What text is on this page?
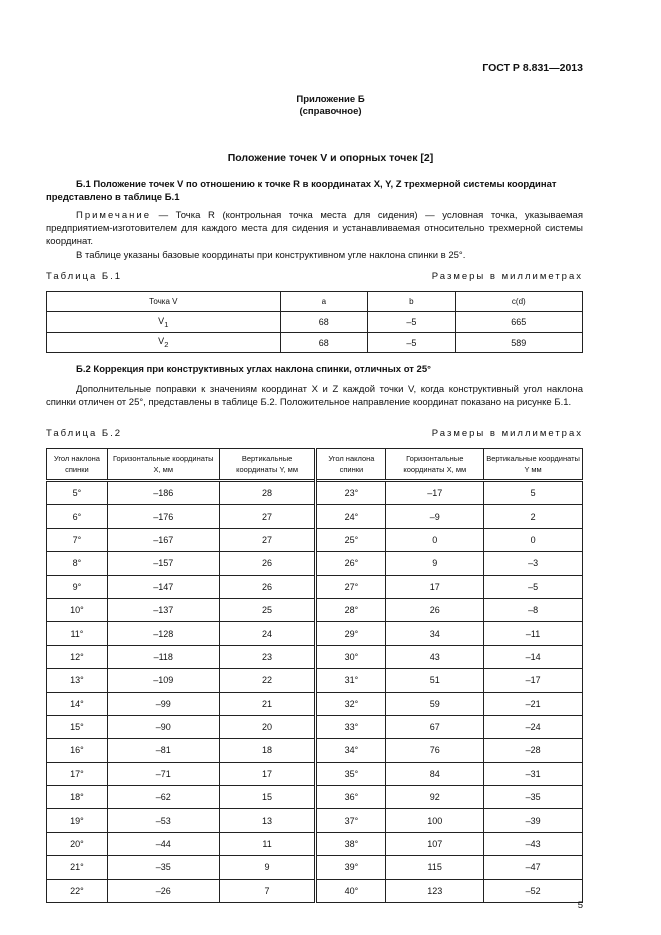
ГОСТ Р 8.831—2013
Приложение Б
(справочное)
Положение точек V и опорных точек [2]

Б.1 Положение точек V по отношению к точке R в координатах X, Y, Z трехмерной системы координат представлено в таблице Б.1

Примечание — Точка R (контрольная точка места для сидения) — условная точка, указываемая предприятием-изготовителем для каждого места для сидения и устанавливаемая относительно трехмерной системы координат.

В таблице указаны базовые координаты при конструктивном угле наклона спинки в 25°.

Таблица Б.1	Размеры в миллиметрах
Точка V	a	b	c(d)
$V_1$	68	–5	665
$V_2$	68	–5	589

Б.2 Коррекция при конструктивных углах наклона спинки, отличных от 25°

Дополнительные поправки к значениям координат X и Z каждой точки V, когда конструктивный угол наклона спинки отличен от 25°, представлены в таблице Б.2. Положительное направление координат показано на рисунке Б.1.

Таблица Б.2	Размеры в миллиметрах
Угол наклона спинки	Горизонтальные координаты X, мм	Вертикальные координаты Y, мм	Угол наклона спинки	Горизонтальные координаты X, мм	Вертикальные координаты Y мм
5°	–186	28	23°	–17	5
6°	–176	27	24°	–9	2
7°	–167	27	25°	0	0
8°	–157	26	26°	9	–3
9°	–147	26	27°	17	–5
10°	–137	25	28°	26	–8
11°	–128	24	29°	34	–11
12°	–118	23	30°	43	–14
13°	–109	22	31°	51	–17
14°	–99	21	32°	59	–21
15°	–90	20	33°	67	–24
16°	–81	18	34°	76	–28
17°	–71	17	35°	84	–31
18°	–62	15	36°	92	–35
19°	–53	13	37°	100	–39
20°	–44	11	38°	107	–43
21°	–35	9	39°	115	–47
22°	–26	7	40°	123	–52
5
